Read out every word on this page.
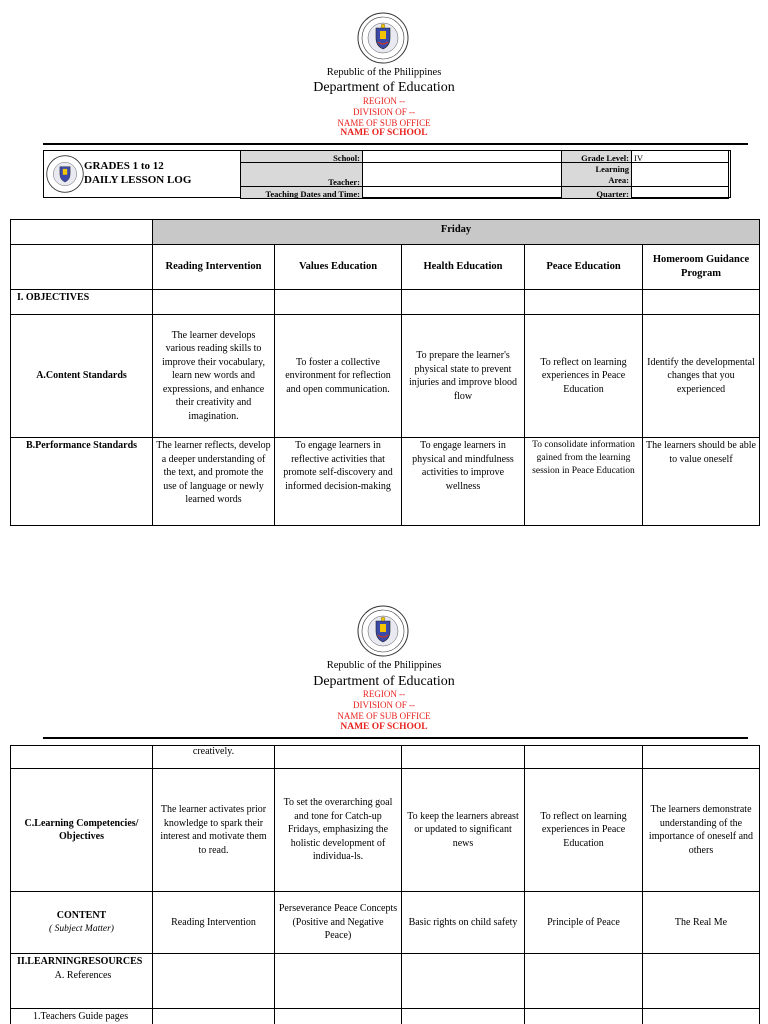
Republic of the Philippines
Department of Education
REGION --
DIVISION OF --
NAME OF SUB OFFICE
NAME OF SCHOOL
GRADES 1 to 12
DAILY LESSON LOG
School:		Grade Level:	IV
Teacher:		Learning
Area:	
Teaching Dates and Time:		Quarter:	
	Friday				
	Reading Intervention	Values Education	Health Education	Peace Education	Homeroom Guidance Program
I. OBJECTIVES					
A.Content Standards	The learner develops various reading skills to improve their vocabulary, learn new words and expressions, and enhance their creativity and imagination.	To foster a collective environment for reflection and open communication.	To prepare the learner's physical state to prevent injuries and improve blood flow	To reflect on learning experiences in Peace Education	Identify the developmental changes that you experienced
B.Performance Standards	The learner reflects, develop a deeper understanding of the text, and promote the use of language or newly learned words	To engage learners in reflective activities that promote self-discovery and informed decision-making	To engage learners in physical and mindfulness activities to improve wellness	To consolidate information gained from the learning session in Peace Education	The learners should be able to value oneself
Republic of the Philippines
Department of Education
REGION --
DIVISION OF --
NAME OF SUB OFFICE
NAME OF SCHOOL
	creatively.				
C.Learning Competencies/ Objectives	The learner activates prior knowledge to spark their interest and motivate them to read.	To set the overarching goal and tone for Catch-up Fridays, emphasizing the holistic development of individua-ls.	To keep the learners abreast or updated to significant news	To reflect on learning experiences in Peace Education	The learners demonstrate understanding of the importance of oneself and others
CONTENT
( Subject Matter)	Reading Intervention	Perseverance Peace Concepts (Positive and Negative Peace)	Basic rights on child safety	Principle of Peace	The Real Me

II.LEARNINGRESOURCES
A. References					

1.Teachers Guide pages					
